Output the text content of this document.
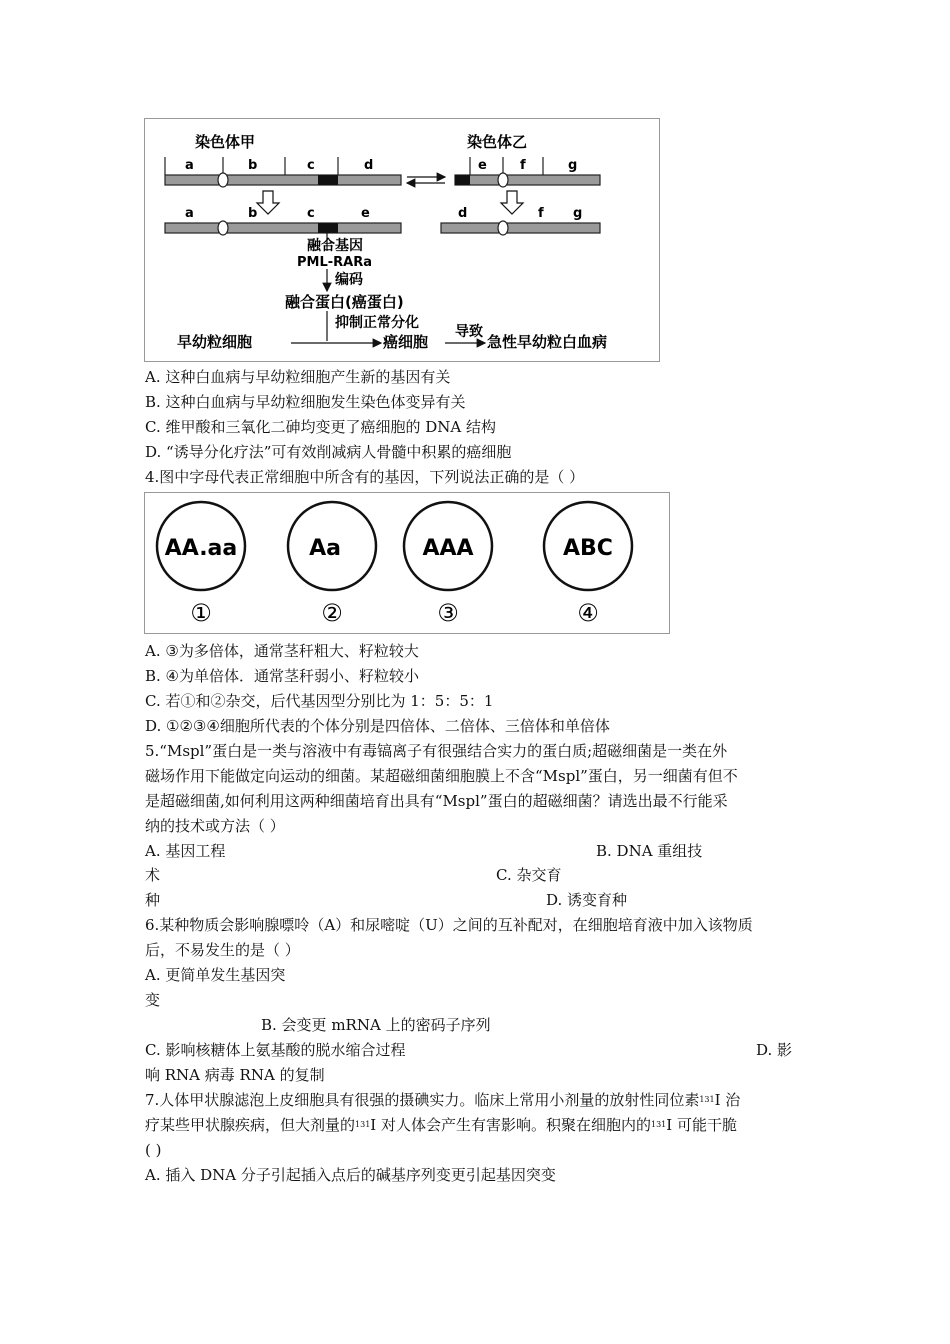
染色体甲	染色体乙
a	b	c	d	e	f	g
a	b	c	e	d	f g
融合基因
PML-RARa
编码
融合蛋白(癌蛋白)
抑制正常分化
早幼粒细胞	癌细胞
导致
急性早幼粒白血病
A. 这种白血病与早幼粒细胞产生新的基因有关
B. 这种白血病与早幼粒细胞发生染色体变异有关
C. 维甲酸和三氧化二砷均变更了癌细胞的 DNA 结构
D. “诱导分化疗法”可有效削减病人骨髓中积累的癌细胞
4.图中字母代表正常细胞中所含有的基因，下列说法正确的是（ ）
AA.aa
①
Aa
②
AAA
③
ABC
④
A. ③为多倍体，通常茎秆粗大、籽粒较大
B. ④为单倍体．通常茎秆弱小、籽粒较小
C. 若①和②杂交，后代基因型分别比为 1：5：5：1
D. ①②③④细胞所代表的个体分别是四倍体、二倍体、三倍体和单倍体
5.“Mspl”蛋白是一类与溶液中有毒镐离子有很强结合实力的蛋白质;超磁细菌是一类在外
磁场作用下能做定向运动的细菌。某超磁细菌细胞膜上不含“Mspl”蛋白，另一细菌有但不
是超磁细菌,如何利用这两种细菌培育出具有“Mspl”蛋白的超磁细菌？请选出最不行能采
纳的技术或方法（ ）
A. 基因工程	B. DNA 重组技
术	C. 杂交育
种	D. 诱变育种
6.某种物质会影响腺嘌呤（A）和尿嘧啶（U）之间的互补配对，在细胞培育液中加入该物质
后，不易发生的是（ ）
A. 更简单发生基因突
变
B. 会变更 mRNA 上的密码子序列
C. 影响核糖体上氨基酸的脱水缩合过程	D. 影
响 RNA 病毒 RNA 的复制
7.人体甲状腺滤泡上皮细胞具有很强的摄碘实力。临床上常用小剂量的放射性同位素$^{131}$I 治
疗某些甲状腺疾病，但大剂量的$^{131}$I 对人体会产生有害影响。积聚在细胞内的$^{131}$I 可能干脆
( )
A. 插入 DNA 分子引起插入点后的碱基序列变更引起基因突变
